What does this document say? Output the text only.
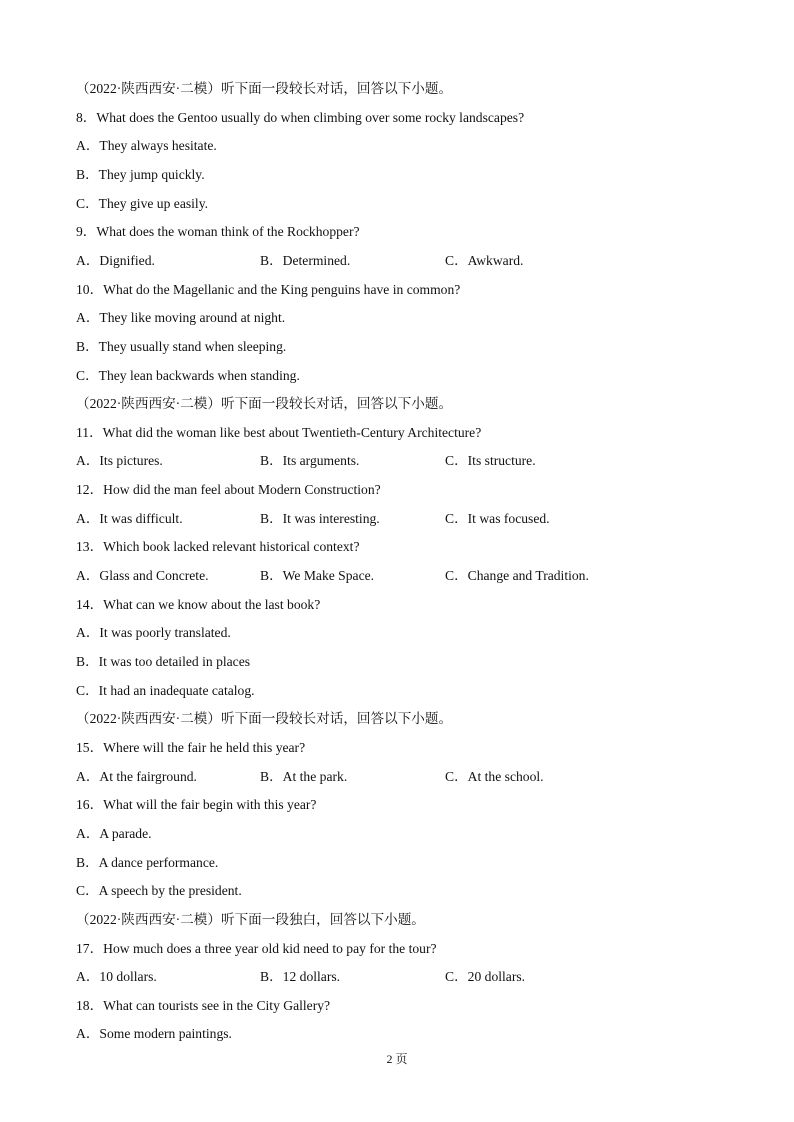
（2022·陕西西安·二模）听下面一段较长对话，回答以下小题。
8．What does the Gentoo usually do when climbing over some rocky landscapes?
A．They always hesitate.
B．They jump quickly.
C．They give up easily.
9．What does the woman think of the Rockhopper?
A．Dignified.	B．Determined.	C．Awkward.
10．What do the Magellanic and the King penguins have in common?
A．They like moving around at night.
B．They usually stand when sleeping.
C．They lean backwards when standing.
（2022·陕西西安·二模）听下面一段较长对话，回答以下小题。
11．What did the woman like best about Twentieth-Century Architecture?
A．Its pictures.	B．Its arguments.	C．Its structure.
12．How did the man feel about Modern Construction?
A．It was difficult.	B．It was interesting.	C．It was focused.
13．Which book lacked relevant historical context?
A．Glass and Concrete.	B．We Make Space.	C．Change and Tradition.
14．What can we know about the last book?
A．It was poorly translated.
B．It was too detailed in places
C．It had an inadequate catalog.
（2022·陕西西安·二模）听下面一段较长对话，回答以下小题。
15．Where will the fair he held this year?
A．At the fairground.	B．At the park.	C．At the school.
16．What will the fair begin with this year?
A．A parade.
B．A dance performance.
C．A speech by the president.
（2022·陕西西安·二模）听下面一段独白，回答以下小题。
17．How much does a three year old kid need to pay for the tour?
A．10 dollars.	B．12 dollars.	C．20 dollars.
18．What can tourists see in the City Gallery?
A．Some modern paintings.
2 页
